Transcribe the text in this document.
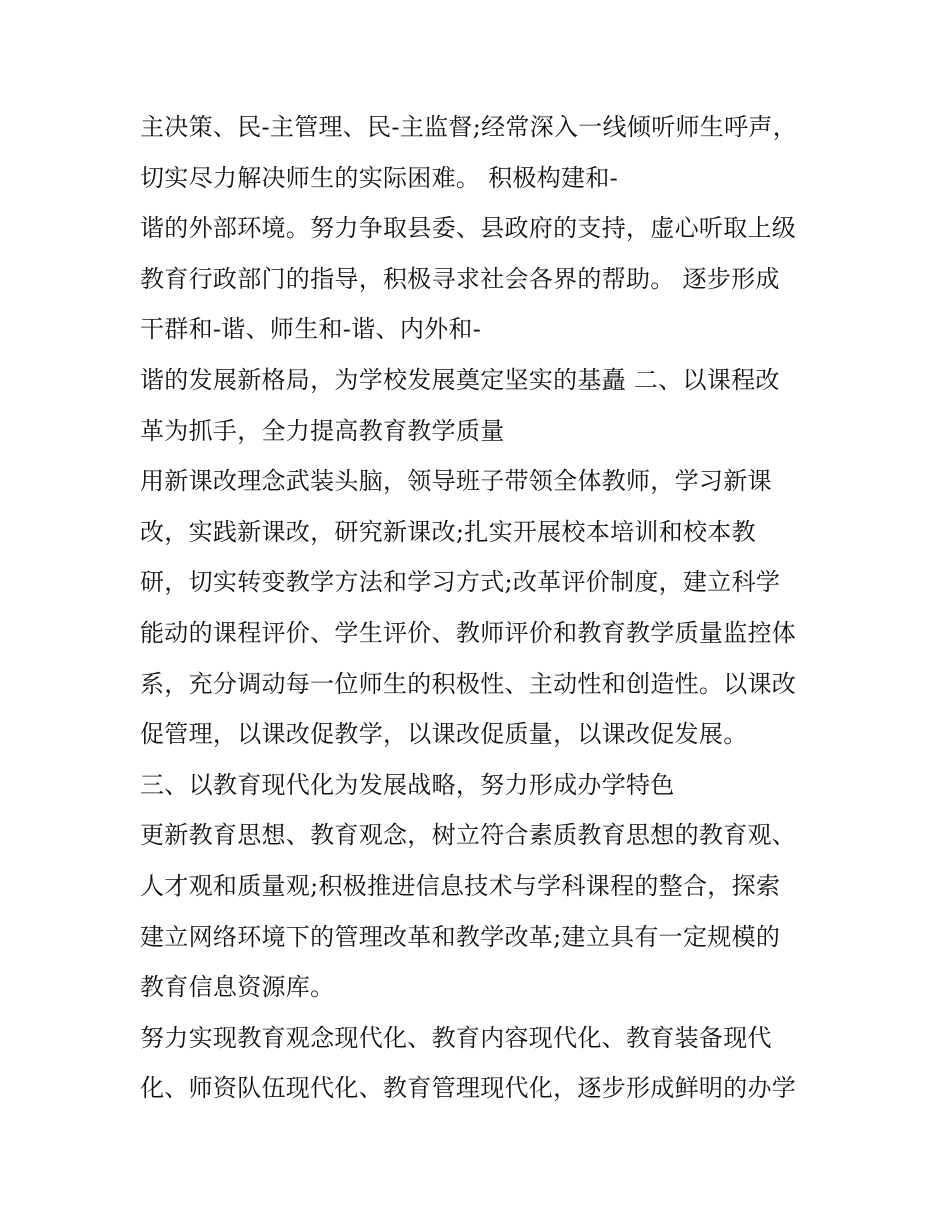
主决策、民-主管理、民-主监督;经常深入一线倾听师生呼声，
切实尽力解决师生的实际困难。 积极构建和-
谐的外部环境。努力争取县委、县政府的支持，虚心听取上级
教育行政部门的指导，积极寻求社会各界的帮助。 逐步形成
干群和-谐、师生和-谐、内外和-
谐的发展新格局，为学校发展奠定坚实的基矗 二、以课程改
革为抓手，全力提高教育教学质量
用新课改理念武装头脑，领导班子带领全体教师，学习新课
改，实践新课改，研究新课改;扎实开展校本培训和校本教
研，切实转变教学方法和学习方式;改革评价制度，建立科学
能动的课程评价、学生评价、教师评价和教育教学质量监控体
系，充分调动每一位师生的积极性、主动性和创造性。以课改
促管理，以课改促教学，以课改促质量，以课改促发展。
三、以教育现代化为发展战略，努力形成办学特色
更新教育思想、教育观念，树立符合素质教育思想的教育观、
人才观和质量观;积极推进信息技术与学科课程的整合，探索
建立网络环境下的管理改革和教学改革;建立具有一定规模的
教育信息资源库。
努力实现教育观念现代化、教育内容现代化、教育装备现代
化、师资队伍现代化、教育管理现代化，逐步形成鲜明的办学
